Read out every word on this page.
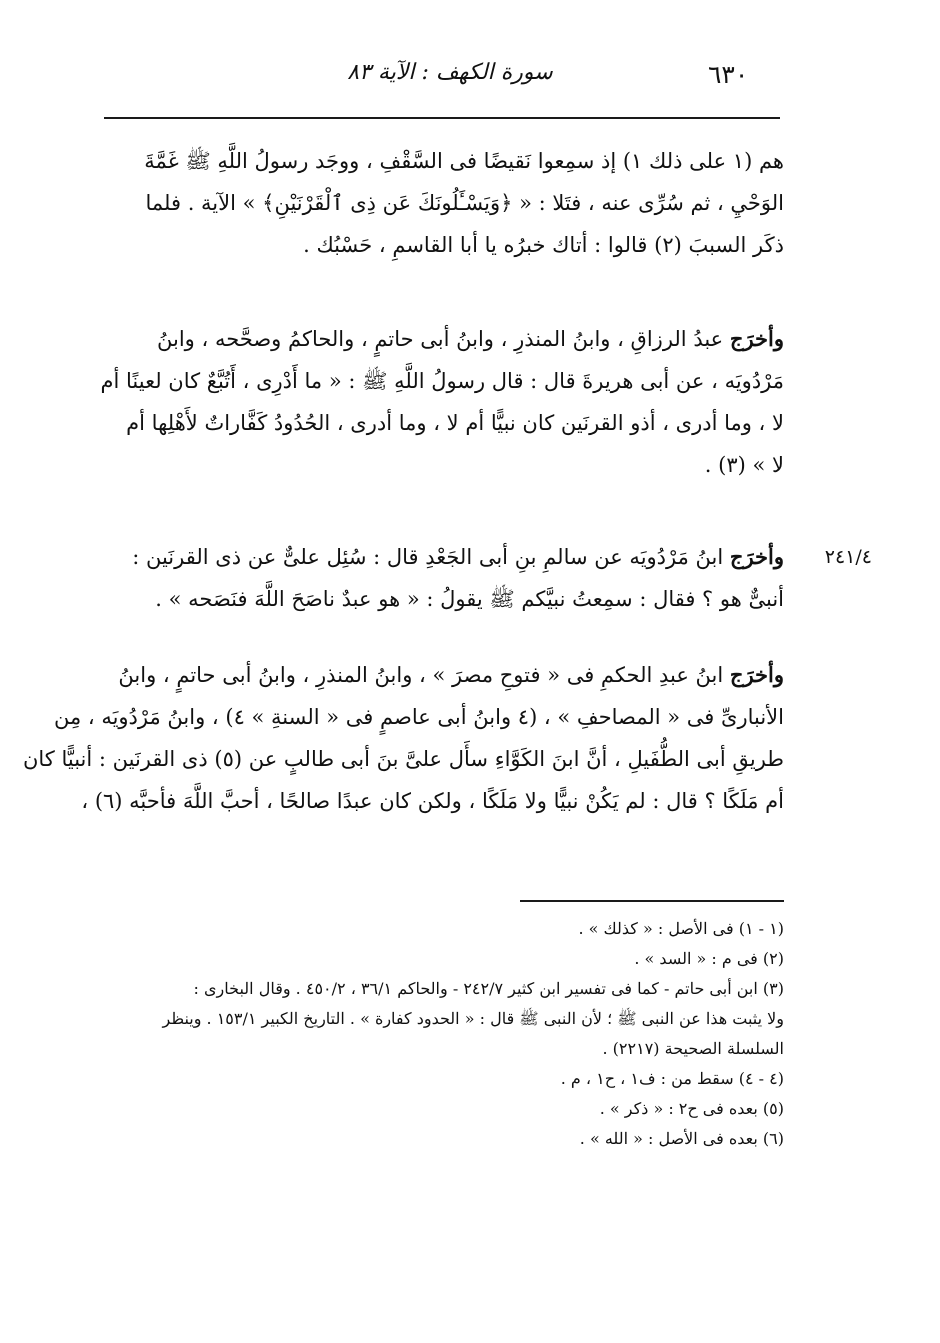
٦٣٠
سورة الكهف : الآية ٨٣
هم (١ على ذلك ١) إذ سمِعوا نَقيضًا فى السَّقْفِ ، ووجَد رسولُ اللَّهِ ﷺ غَمَّةَ
الوَحْيِ ، ثم سُرِّى عنه ، فتَلا : « ﴿وَيَسْـَٔلُونَكَ عَن ذِى ٱلْقَرْنَيْنِ﴾ » الآية . فلما
ذكَر السببَ (٢) قالوا : أتاك خبرُه يا أبا القاسمِ ، حَسْبُك .
وأخرَج عبدُ الرزاقِ ، وابنُ المنذرِ ، وابنُ أبى حاتمٍ ، والحاكمُ وصحَّحه ، وابنُ
مَرْدُويَه ، عن أبى هريرةَ قال : قال رسولُ اللَّهِ ﷺ : « ما أَدْرِى ، أَتُبَّعٌ كان لعينًا أم
لا ، وما أدرى ، أذو القرنَين كان نبيًّا أم لا ، وما أدرى ، الحُدُودُ كَفَّاراتٌ لأَهْلِها أم
لا » (٣) .
٢٤١/٤
وأخرَج ابنُ مَرْدُويَه عن سالمِ بنِ أبى الجَعْدِ قال : سُئِل علىٌّ عن ذى القرنَين :
أنبىٌّ هو ؟ فقال : سمِعتُ نبيَّكم ﷺ يقولُ : « هو عبدٌ ناصَحَ اللَّهَ فنَصَحه » .
وأخرَج ابنُ عبدِ الحكمِ فى « فتوحِ مصرَ » ، وابنُ المنذرِ ، وابنُ أبى حاتمٍ ، وابنُ
الأنبارىِّ فى « المصاحفِ » ، (٤ وابنُ أبى عاصمٍ فى « السنةِ » ٤) ، وابنُ مَرْدُويَه ، مِن
طريقِ أبى الطُّفَيلِ ، أنَّ ابنَ الكَوَّاءِ سأَل علىَّ بنَ أبى طالبٍ عن (٥) ذى القرنَين : أنبيًّا كان
أم مَلَكًا ؟ قال : لم يَكُنْ نبيًّا ولا مَلَكًا ، ولكن كان عبدًا صالحًا ، أحبَّ اللَّهَ فأحبَّه (٦) ،
(١ - ١) فى الأصل : « كذلك » .
(٢) فى م : « السد » .
(٣) ابن أبى حاتم - كما فى تفسير ابن كثير ٢٤٢/٧ - والحاكم ٣٦/١ ، ٤٥٠/٢ . وقال البخارى :
ولا يثبت هذا عن النبى ﷺ ؛ لأن النبى ﷺ قال : « الحدود كفارة » . التاريخ الكبير ١٥٣/١ . وينظر
السلسلة الصحيحة (٢٢١٧) .
(٤ - ٤) سقط من : ف١ ، ح١ ، م .
(٥) بعده فى ح٢ : « ذكر » .
(٦) بعده فى الأصل : « الله » .
